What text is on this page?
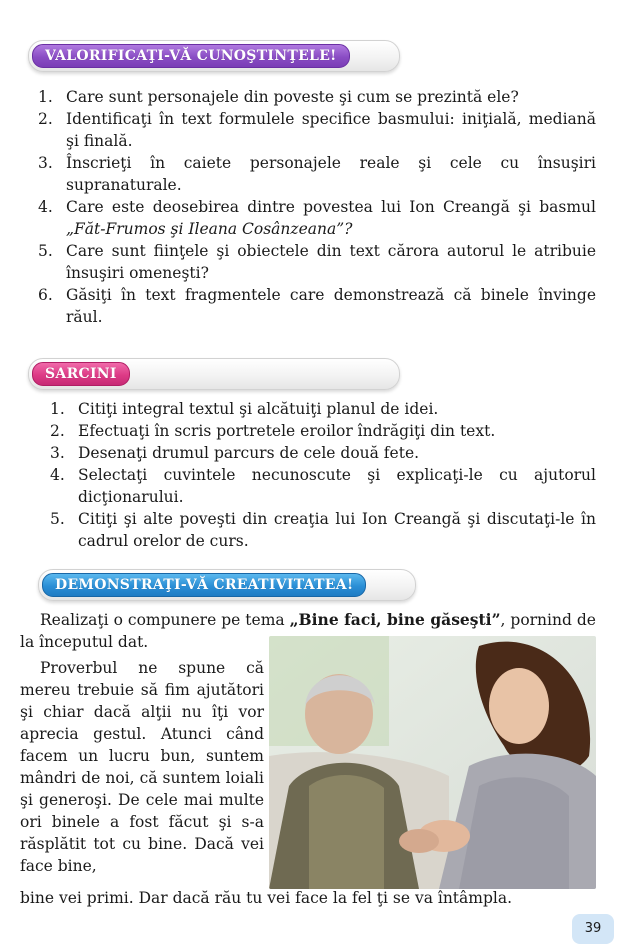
VALORIFICAŢI-VĂ CUNOŞTINŢELE!
1. Care sunt personajele din poveste şi cum se prezintă ele?
2. Identificaţi în text formulele specifice basmului: iniţială, mediană şi finală.
3. Înscrieţi în caiete personajele reale şi cele cu însuşiri supranaturale.
4. Care este deosebirea dintre povestea lui Ion Creangă şi basmul „Făt-Frumos şi Ileana Cosânzeana”?
5. Care sunt fiinţele şi obiectele din text cărora autorul le atribuie însuşiri omeneşti?
6. Găsiţi în text fragmentele care demonstrează că binele învinge răul.
SARCINI
1. Citiţi integral textul şi alcătuiţi planul de idei.
2. Efectuaţi în scris portretele eroilor îndrăgiţi din text.
3. Desenaţi drumul parcurs de cele două fete.
4. Selectaţi cuvintele necunoscute şi explicaţi-le cu ajutorul dicţionarului.
5. Citiţi şi alte poveşti din creaţia lui Ion Creangă şi discutaţi-le în cadrul orelor de curs.
DEMONSTRAŢI-VĂ CREATIVITATEA!

Realizaţi o compunere pe tema „Bine faci, bine găseşti”, pornind de la începutul dat.

Proverbul ne spune că mereu trebuie să fim ajutători şi chiar dacă alţii nu îţi vor aprecia gestul. Atunci când facem un lucru bun, suntem mândri de noi, că suntem loiali şi generoşi. De cele mai multe ori binele a fost făcut şi s-a răsplătit tot cu bine. Dacă vei face bine,

bine vei primi. Dar dacă rău tu vei face la fel ţi se va întâmpla.

39
